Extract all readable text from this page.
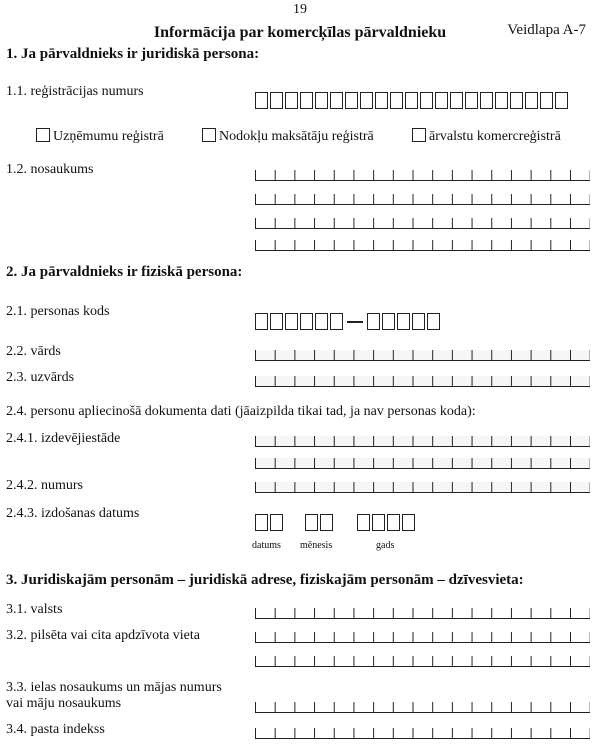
19
Informācija par komercķīlas pārvaldnieku	Veidlapa A-7
1. Ja pārvaldnieks ir juridiskā persona:
1.1. reģistrācijas numurs
Uzņēmumu reģistrā	Nodokļu maksātāju reģistrā	ārvalstu komercreģistrā
1.2. nosaukums
2. Ja pārvaldnieks ir fiziskā persona:
2.1. personas kods
2.2. vārds
2.3. uzvārds
2.4. personu apliecinošā dokumenta dati (jāaizpilda tikai tad, ja nav personas koda):
2.4.1. izdevējiestāde
2.4.2. numurs
2.4.3. izdošanas datums
datums mēnesis	gads
3. Juridiskajām personām – juridiskā adrese, fiziskajām personām – dzīvesvieta:
3.1. valsts
3.2. pilsēta vai cita apdzīvota vieta
3.3. ielas nosaukums un mājas numurs
vai māju nosaukums
3.4. pasta indekss
